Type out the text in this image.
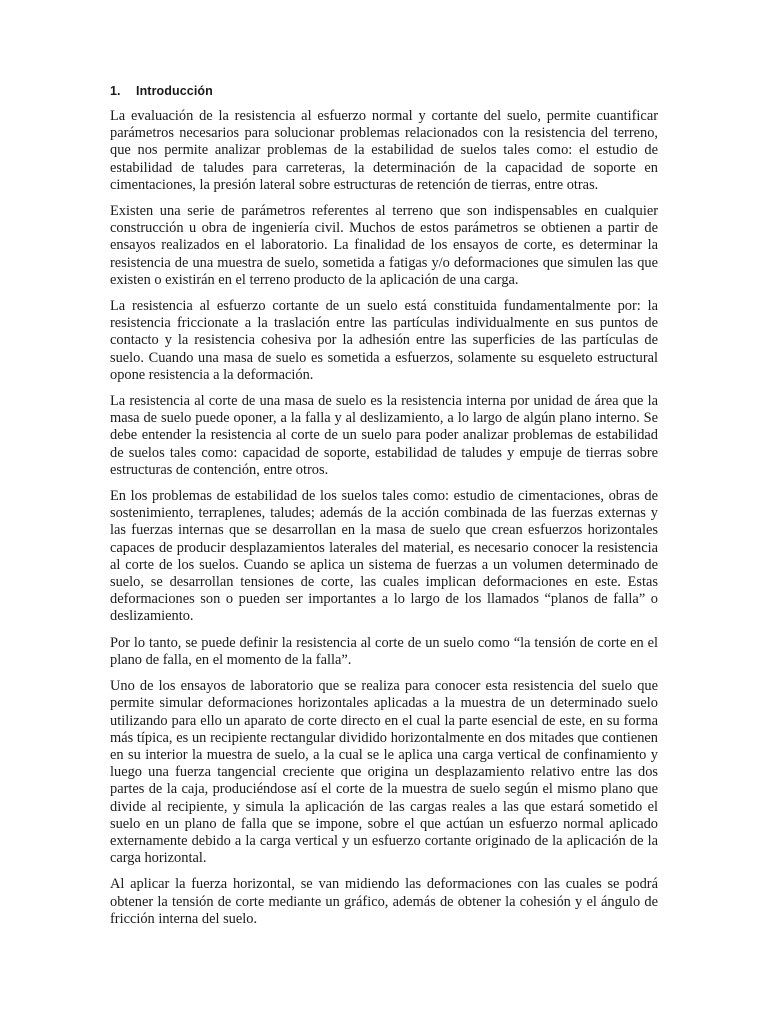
1. Introducción

La evaluación de la resistencia al esfuerzo normal y cortante del suelo, permite cuantificar parámetros necesarios para solucionar problemas relacionados con la resistencia del terreno, que nos permite analizar problemas de la estabilidad de suelos tales como: el estudio de estabilidad de taludes para carreteras, la determinación de la capacidad de soporte en cimentaciones, la presión lateral sobre estructuras de retención de tierras, entre otras.

Existen una serie de parámetros referentes al terreno que son indispensables en cualquier construcción u obra de ingeniería civil. Muchos de estos parámetros se obtienen a partir de ensayos realizados en el laboratorio. La finalidad de los ensayos de corte, es determinar la resistencia de una muestra de suelo, sometida a fatigas y/o deformaciones que simulen las que existen o existirán en el terreno producto de la aplicación de una carga.

La resistencia al esfuerzo cortante de un suelo está constituida fundamentalmente por: la resistencia friccionate a la traslación entre las partículas individualmente en sus puntos de contacto y la resistencia cohesiva por la adhesión entre las superficies de las partículas de suelo. Cuando una masa de suelo es sometida a esfuerzos, solamente su esqueleto estructural opone resistencia a la deformación.

La resistencia al corte de una masa de suelo es la resistencia interna por unidad de área que la masa de suelo puede oponer, a la falla y al deslizamiento, a lo largo de algún plano interno. Se debe entender la resistencia al corte de un suelo para poder analizar problemas de estabilidad de suelos tales como: capacidad de soporte, estabilidad de taludes y empuje de tierras sobre estructuras de contención, entre otros.

En los problemas de estabilidad de los suelos tales como: estudio de cimentaciones, obras de sostenimiento, terraplenes, taludes; además de la acción combinada de las fuerzas externas y las fuerzas internas que se desarrollan en la masa de suelo que crean esfuerzos horizontales capaces de producir desplazamientos laterales del material, es necesario conocer la resistencia al corte de los suelos. Cuando se aplica un sistema de fuerzas a un volumen determinado de suelo, se desarrollan tensiones de corte, las cuales implican deformaciones en este. Estas deformaciones son o pueden ser importantes a lo largo de los llamados “planos de falla” o deslizamiento.

Por lo tanto, se puede definir la resistencia al corte de un suelo como “la tensión de corte en el plano de falla, en el momento de la falla”.

Uno de los ensayos de laboratorio que se realiza para conocer esta resistencia del suelo que permite simular deformaciones horizontales aplicadas a la muestra de un determinado suelo utilizando para ello un aparato de corte directo en el cual la parte esencial de este, en su forma más típica, es un recipiente rectangular dividido horizontalmente en dos mitades que contienen en su interior la muestra de suelo, a la cual se le aplica una carga vertical de confinamiento y luego una fuerza tangencial creciente que origina un desplazamiento relativo entre las dos partes de la caja, produciéndose así el corte de la muestra de suelo según el mismo plano que divide al recipiente, y simula la aplicación de las cargas reales a las que estará sometido el suelo en un plano de falla que se impone, sobre el que actúan un esfuerzo normal aplicado externamente debido a la carga vertical y un esfuerzo cortante originado de la aplicación de la carga horizontal.

Al aplicar la fuerza horizontal, se van midiendo las deformaciones con las cuales se podrá obtener la tensión de corte mediante un gráfico, además de obtener la cohesión y el ángulo de fricción interna del suelo.
